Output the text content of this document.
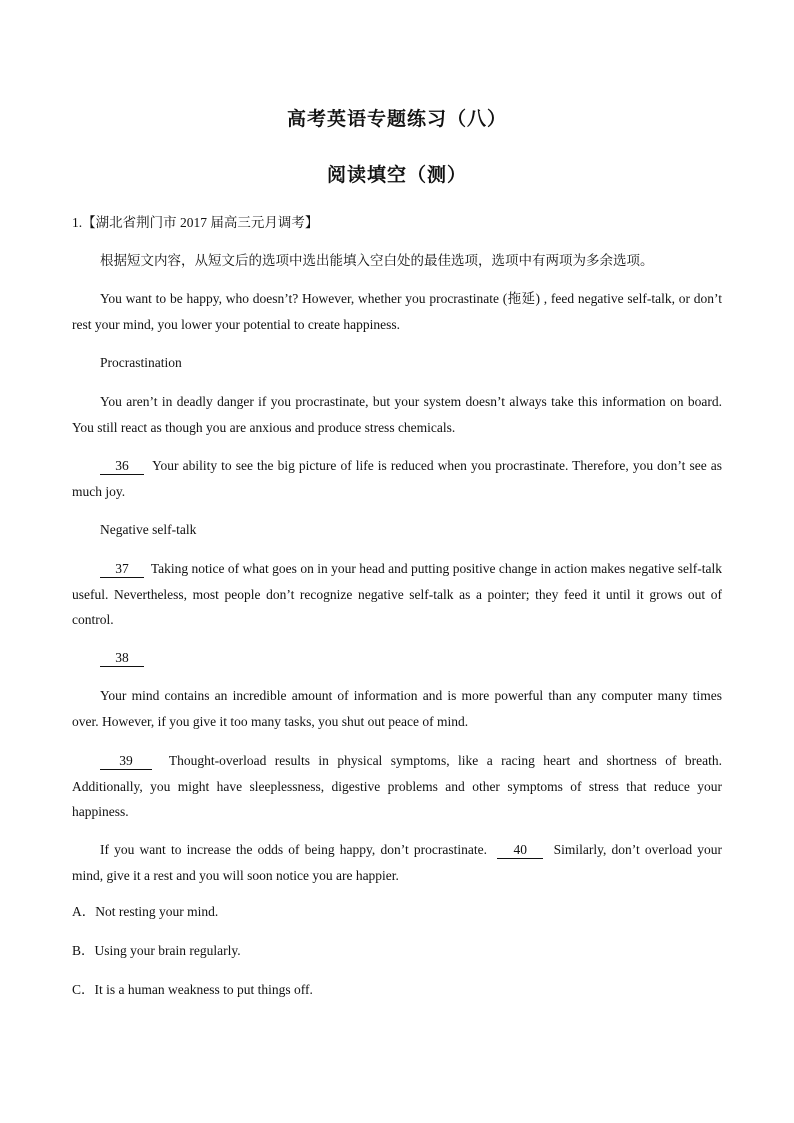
高考英语专题练习（八）
阅读填空（测）

1.【湖北省荆门市 2017 届高三元月调考】

根据短文内容，从短文后的选项中选出能填入空白处的最佳选项，选项中有两项为多余选项。

You want to be happy, who doesn’t? However, whether you procrastinate (拖延) , feed negative self-talk, or don’t rest your mind, you lower your potential to create happiness.

Procrastination

You aren’t in deadly danger if you procrastinate, but your system doesn’t always take this information on board. You still react as though you are anxious and produce stress chemicals.

36 Your ability to see the big picture of life is reduced when you procrastinate. Therefore, you don’t see as much joy.

Negative self-talk

37 Taking notice of what goes on in your head and putting positive change in action makes negative self-talk useful. Nevertheless, most people don’t recognize negative self-talk as a pointer; they feed it until it grows out of control.

38

Your mind contains an incredible amount of information and is more powerful than any computer many times over. However, if you give it too many tasks, you shut out peace of mind.

39	Thought-overload results in physical symptoms, like a racing heart and shortness of breath. Additionally, you might have sleeplessness, digestive problems and other symptoms of stress that reduce your happiness.

If you want to increase the odds of being happy, don’t procrastinate. 40 Similarly, don’t overload your mind, give it a rest and you will soon notice you are happier.

A．Not resting your mind.
B．Using your brain regularly.
C．It is a human weakness to put things off.
